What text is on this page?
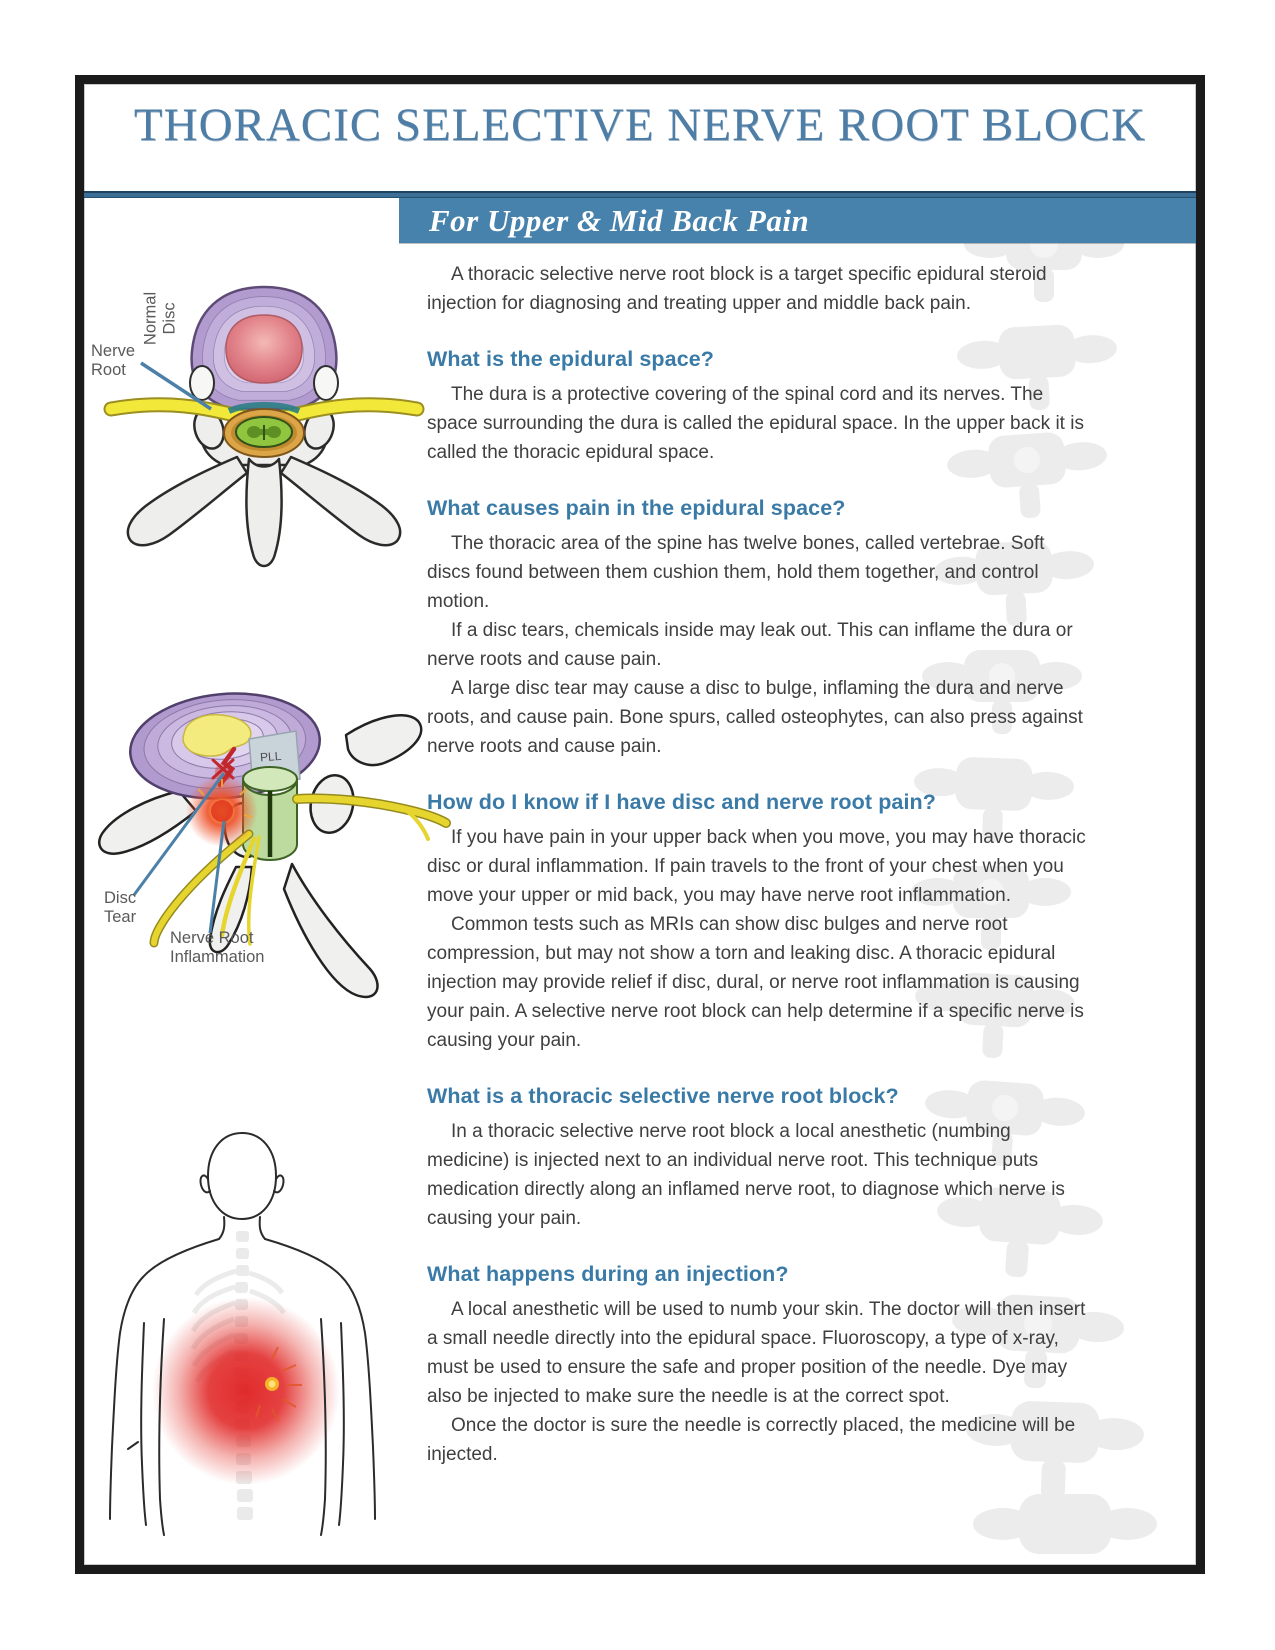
THORACIC SELECTIVE NERVE ROOT BLOCK
For Upper & Mid Back Pain
Normal Disc
Nerve Root
Disc Tear
Nerve Root Inflammation
PLL

A thoracic selective nerve root block is a target specific epidural steroid injection for diagnosing and treating upper and middle back pain.

What is the epidural space?

The dura is a protective covering of the spinal cord and its nerves. The space surrounding the dura is called the epidural space. In the upper back it is called the thoracic epidural space.

What causes pain in the epidural space?

The thoracic area of the spine has twelve bones, called vertebrae. Soft discs found between them cushion them, hold them together, and control motion.

If a disc tears, chemicals inside may leak out. This can inflame the dura or nerve roots and cause pain.

A large disc tear may cause a disc to bulge, inflaming the dura and nerve roots, and cause pain. Bone spurs, called osteophytes, can also press against nerve roots and cause pain.

How do I know if I have disc and nerve root pain?

If you have pain in your upper back when you move, you may have thoracic disc or dural inflammation. If pain travels to the front of your chest when you move your upper or mid back, you may have nerve root inflammation.

Common tests such as MRIs can show disc bulges and nerve root compression, but may not show a torn and leaking disc. A thoracic epidural injection may provide relief if disc, dural, or nerve root inflammation is causing your pain. A selective nerve root block can help determine if a specific nerve is causing your pain.

What is a thoracic selective nerve root block?

In a thoracic selective nerve root block a local anesthetic (numbing medicine) is injected next to an individual nerve root. This technique puts medication directly along an inflamed nerve root, to diagnose which nerve is causing your pain.

What happens during an injection?

A local anesthetic will be used to numb your skin. The doctor will then insert a small needle directly into the epidural space. Fluoroscopy, a type of x-ray, must be used to ensure the safe and proper position of the needle. Dye may also be injected to make sure the needle is at the correct spot.

Once the doctor is sure the needle is correctly placed, the medicine will be injected.
